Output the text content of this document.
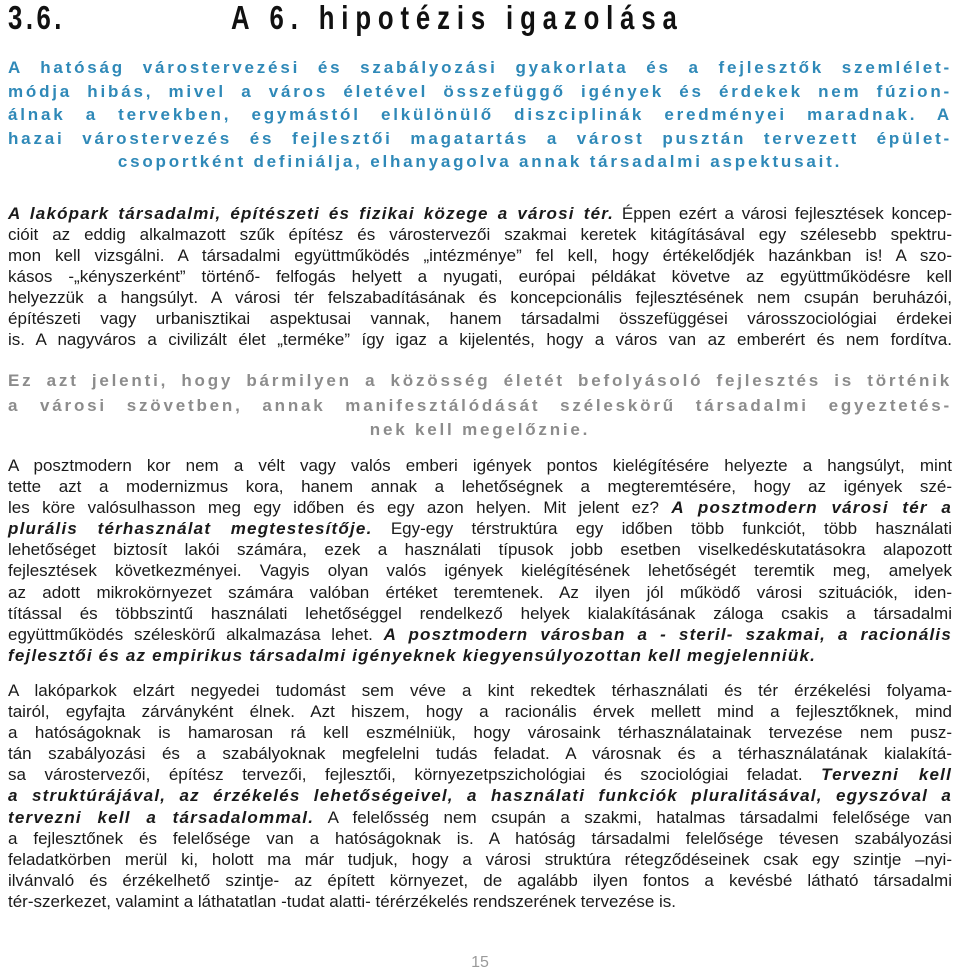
3.6.	A 6. hipotézis igazolása
A hatóság várostervezési és szabályozási gyakorlata és a fejlesztők szemlélet-
módja hibás, mivel a város életével összefüggő igények és érdekek nem fúzion-
álnak a tervekben, egymástól elkülönülő diszciplinák eredményei maradnak. A
hazai várostervezés és fejlesztői magatartás a várost pusztán tervezett épület-
csoportként definiálja, elhanyagolva annak társadalmi aspektusait.
A lakópark társadalmi, építészeti és fizikai közege a városi tér. Éppen ezért a városi fejlesztések koncep-
cióit az eddig alkalmazott szűk építész és várostervezői szakmai keretek kitágításával egy szélesebb spektru-
mon kell vizsgálni. A társadalmi együttműködés „intézménye” fel kell, hogy értékelődjék hazánkban is! A szo-
kásos -„kényszerként” történő- felfogás helyett a nyugati, európai példákat követve az együttműködésre kell
helyezzük a hangsúlyt. A városi tér felszabadításának és koncepcionális fejlesztésének nem csupán beruházói,
építészeti vagy urbanisztikai aspektusai vannak, hanem társadalmi összefüggései városszociológiai érdekei
is. A nagyváros a civilizált élet „terméke” így igaz a kijelentés, hogy a város van az emberért és nem fordítva.
Ez azt jelenti, hogy bármilyen a közösség életét befolyásoló fejlesztés is történik
a városi szövetben, annak manifesztálódását széleskörű társadalmi egyeztetés-
nek kell megelőznie.
A posztmodern kor nem a vélt vagy valós emberi igények pontos kielégítésére helyezte a hangsúlyt, mint
tette azt a modernizmus kora, hanem annak a lehetőségnek a megteremtésére, hogy az igények szé-
les köre valósulhasson meg egy időben és egy azon helyen. Mit jelent ez? A posztmodern városi tér a
plurális térhasználat megtestesítője. Egy-egy térstruktúra egy időben több funkciót, több használati
lehetőséget biztosít lakói számára, ezek a használati típusok jobb esetben viselkedéskutatásokra alapozott
fejlesztések következményei. Vagyis olyan valós igények kielégítésének lehetőségét teremtik meg, amelyek
az adott mikrokörnyezet számára valóban értéket teremtenek. Az ilyen jól működő városi szituációk, iden-
títással és többszintű használati lehetőséggel rendelkező helyek kialakításának záloga csakis a társadalmi
együttműködés széleskörű alkalmazása lehet. A posztmodern városban a - steril- szakmai, a racionális
fejlesztői és az empirikus társadalmi igényeknek kiegyensúlyozottan kell megjelenniük.
A lakóparkok elzárt negyedei tudomást sem véve a kint rekedtek térhasználati és tér érzékelési folyama-
tairól, egyfajta zárványként élnek. Azt hiszem, hogy a racionális érvek mellett mind a fejlesztőknek, mind
a hatóságoknak is hamarosan rá kell eszmélniük, hogy városaink térhasználatainak tervezése nem pusz-
tán szabályozási és a szabályoknak megfelelni tudás feladat. A városnak és a térhasználatának kialakítá-
sa várostervezői, építész tervezői, fejlesztői, környezetpszichológiai és szociológiai feladat. Tervezni kell
a struktúrájával, az érzékelés lehetőségeivel, a használati funkciók pluralitásával, egyszóval a
tervezni kell a társadalommal. A felelősség nem csupán a szakmi, hatalmas társadalmi felelősége van
a fejlesztőnek és felelősége van a hatóságoknak is. A hatóság társadalmi felelősége tévesen szabályozási
feladatkörben merül ki, holott ma már tudjuk, hogy a városi struktúra rétegződéseinek csak egy szintje –nyi-
ilvánvaló és érzékelhető szintje- az épített környezet, de agalább ilyen fontos a kevésbé látható társadalmi
tér-szerkezet, valamint a láthatatlan -tudat alatti- térérzékelés rendszerének tervezése is.
15
